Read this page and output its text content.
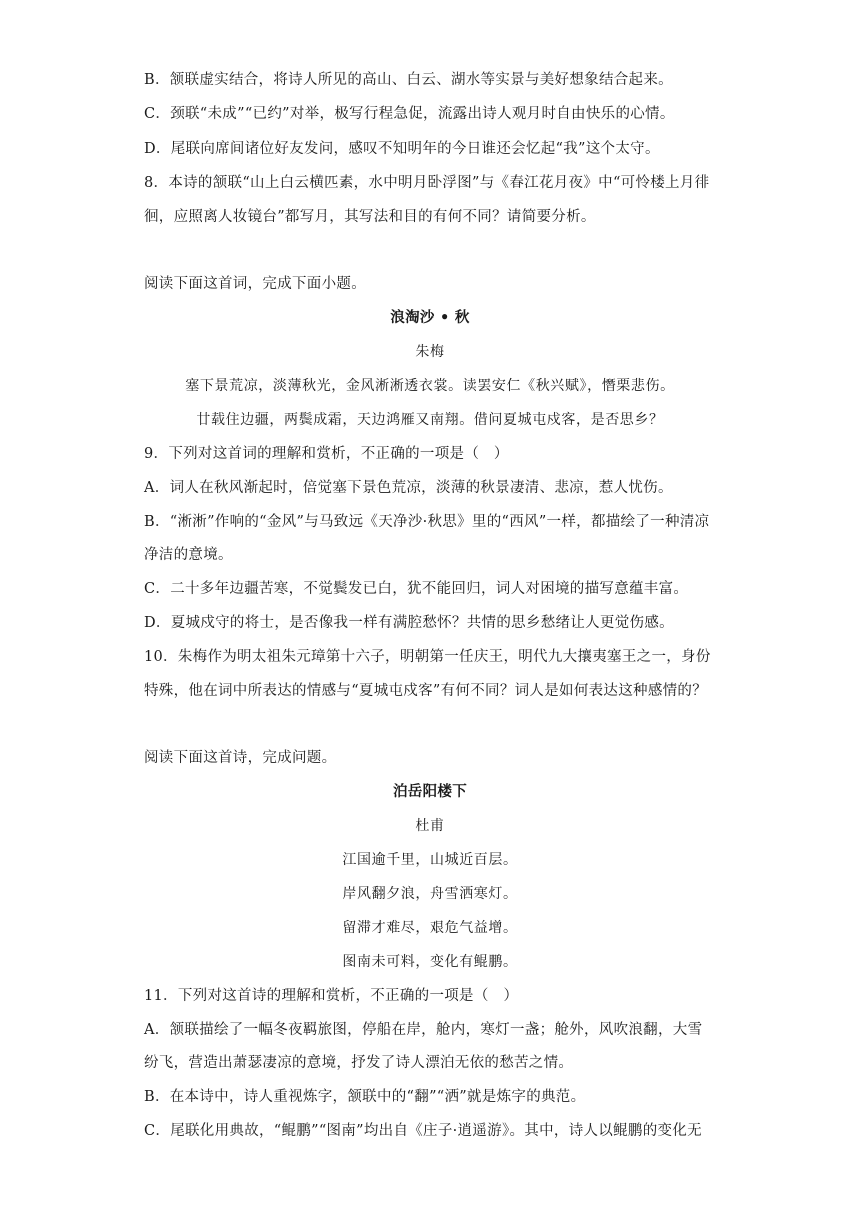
B．颔联虚实结合，将诗人所见的高山、白云、湖水等实景与美好想象结合起来。
C．颈联“未成”“已约”对举，极写行程急促，流露出诗人观月时自由快乐的心情。
D．尾联向席间诸位好友发问，感叹不知明年的今日谁还会忆起“我”这个太守。
8．本诗的颔联“山上白云横匹素，水中明月卧浮图”与《春江花月夜》中“可怜楼上月徘
徊，应照离人妆镜台”都写月，其写法和目的有何不同？请简要分析。
阅读下面这首词，完成下面小题。
浪淘沙 • 秋
朱梅
塞下景荒凉，淡薄秋光，金风淅淅透衣裳。读罢安仁《秋兴赋》，憯栗悲伤。
廿载住边疆，两鬓成霜，天边鸿雁又南翔。借问夏城屯戍客，是否思乡？
9．下列对这首词的理解和赏析，不正确的一项是（　）
A．词人在秋风渐起时，倍觉塞下景色荒凉，淡薄的秋景凄清、悲凉，惹人忧伤。
B．“淅淅”作响的“金风”与马致远《天净沙·秋思》里的“西风”一样，都描绘了一种清凉
净洁的意境。
C．二十多年边疆苦寒，不觉鬓发已白，犹不能回归，词人对困境的描写意蕴丰富。
D．夏城戍守的将士，是否像我一样有满腔愁怀？共情的思乡愁绪让人更觉伤感。
10．朱梅作为明太祖朱元璋第十六子，明朝第一任庆王，明代九大攘夷塞王之一，身份
特殊，他在词中所表达的情感与“夏城屯戍客”有何不同？词人是如何表达这种感情的？
阅读下面这首诗，完成问题。
泊岳阳楼下
杜甫
江国逾千里，山城近百层。
岸风翻夕浪，舟雪洒寒灯。
留滞才难尽，艰危气益增。
图南未可料，变化有鲲鹏。
11．下列对这首诗的理解和赏析，不正确的一项是（　）
A．颔联描绘了一幅冬夜羁旅图，停船在岸，舱内，寒灯一盏；舱外，风吹浪翻，大雪
纷飞，营造出萧瑟凄凉的意境，抒发了诗人漂泊无依的愁苦之情。
B．在本诗中，诗人重视炼字，颔联中的“翻”“洒”就是炼字的典范。
C．尾联化用典故，“鲲鹏”“图南”均出自《庄子·逍遥游》。其中，诗人以鲲鹏的变化无
